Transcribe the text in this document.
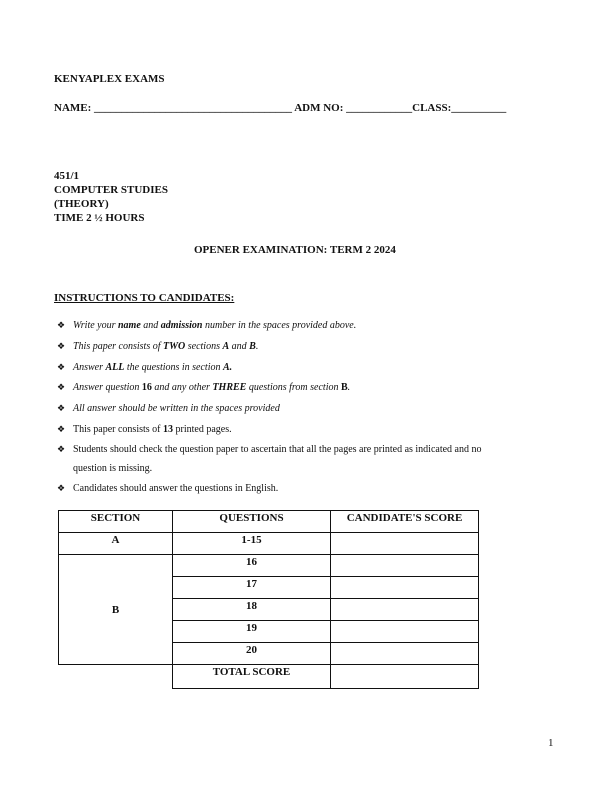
KENYAPLEX EXAMS
NAME: ____________________________________ ADM NO: ____________CLASS:__________
451/1
COMPUTER STUDIES
(THEORY)
TIME 2 ½ HOURS
OPENER EXAMINATION: TERM 2 2024
INSTRUCTIONS TO CANDIDATES:
❖ Write your name and admission number in the spaces provided above.
❖ This paper consists of TWO sections A and B.
❖ Answer ALL the questions in section A.
❖ Answer question 16 and any other THREE questions from section B.
❖ All answer should be written in the spaces provided
❖ This paper consists of 13 printed pages.
❖ Students should check the question paper to ascertain that all the pages are printed as indicated and no
question is missing.
❖ Candidates should answer the questions in English.
SECTION	QUESTIONS	CANDIDATE'S SCORE
A	1-15	
B	16	
	17	
	18	
	19	
	20	
	TOTAL SCORE	
1
